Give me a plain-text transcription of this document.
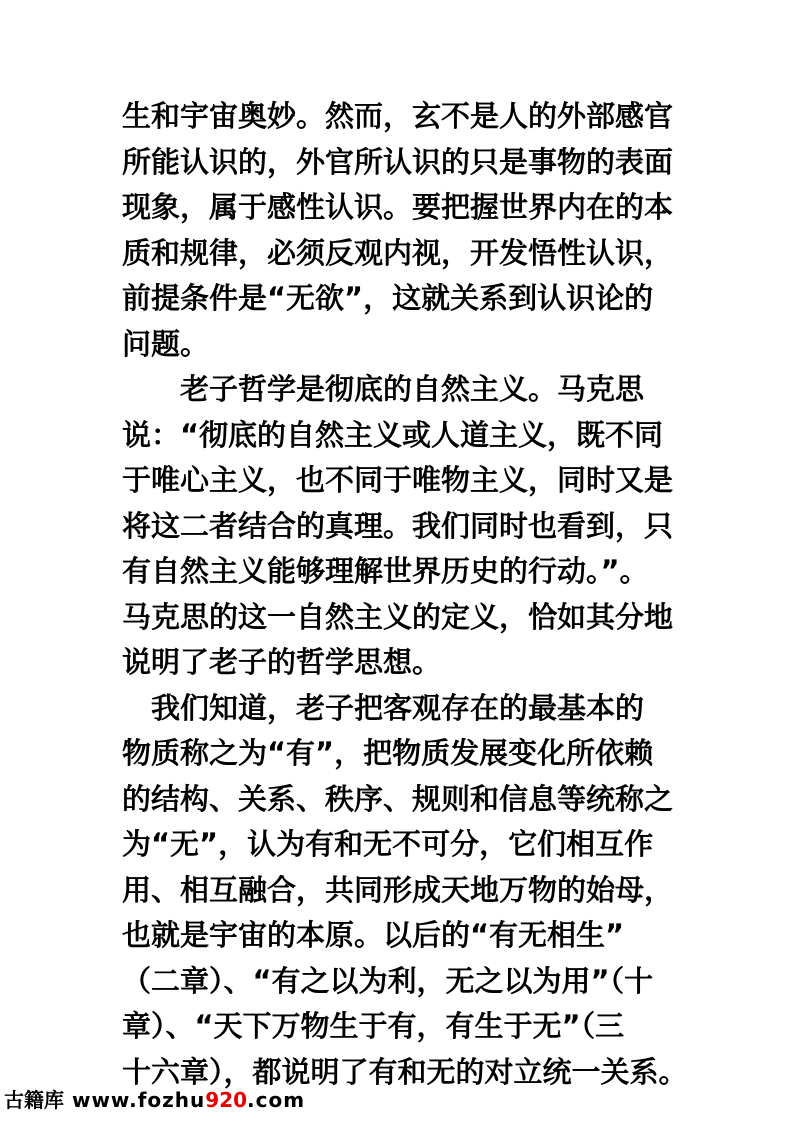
生和宇宙奥妙。然而，玄不是人的外部感官
所能认识的，外官所认识的只是事物的表面
现象，属于感性认识。要把握世界内在的本
质和规律，必须反观内视，开发悟性认识，
前提条件是“无欲”，这就关系到认识论的
问题。
　　老子哲学是彻底的自然主义。马克思
说：“彻底的自然主义或人道主义，既不同
于唯心主义，也不同于唯物主义，同时又是
将这二者结合的真理。我们同时也看到，只
有自然主义能够理解世界历史的行动。”。
马克思的这一自然主义的定义，恰如其分地
说明了老子的哲学思想。
　我们知道，老子把客观存在的最基本的
物质称之为“有”，把物质发展变化所依赖
的结构、关系、秩序、规则和信息等统称之
为“无”，认为有和无不可分，它们相互作
用、相互融合，共同形成天地万物的始母，
也就是宇宙的本原。以后的“有无相生”
（二章）、“有之以为利，无之以为用”（十
章）、“天下万物生于有，有生于无”（三
十六章），都说明了有和无的对立统一关系。
古籍库 www.fozhu920.com
